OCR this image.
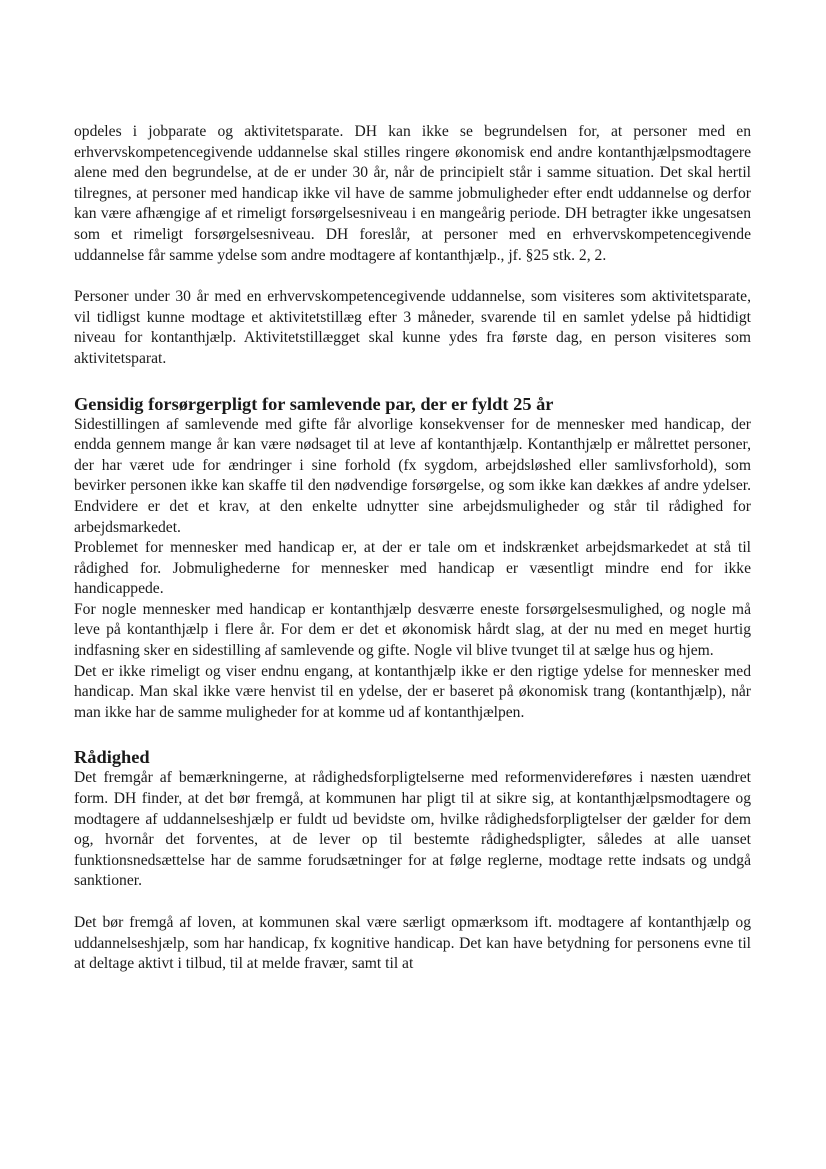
opdeles i jobparate og aktivitetsparate. DH kan ikke se begrundelsen for, at personer med en erhvervskompetencegivende uddannelse skal stilles ringere økonomisk end andre kontanthjælpsmodtagere alene med den begrundelse, at de er under 30 år, når de principielt står i samme situation. Det skal hertil tilregnes, at personer med handicap ikke vil have de samme jobmuligheder efter endt uddannelse og derfor kan være afhængige af et rimeligt forsørgelsesniveau i en mangeårig periode. DH betragter ikke ungesatsen som et rimeligt forsørgelsesniveau. DH foreslår, at personer med en erhvervskompetencegivende uddannelse får samme ydelse som andre modtagere af kontanthjælp., jf. §25 stk. 2, 2.

Personer under 30 år med en erhvervskompetencegivende uddannelse, som visiteres som aktivitetsparate, vil tidligst kunne modtage et aktivitetstillæg efter 3 måneder, svarende til en samlet ydelse på hidtidigt niveau for kontanthjælp. Aktivitetstillægget skal kunne ydes fra første dag, en person visiteres som aktivitetsparat.

Gensidig forsørgerpligt for samlevende par, der er fyldt 25 år

Sidestillingen af samlevende med gifte får alvorlige konsekvenser for de mennesker med handicap, der endda gennem mange år kan være nødsaget til at leve af kontanthjælp. Kontanthjælp er målrettet personer, der har været ude for ændringer i sine forhold (fx sygdom, arbejdsløshed eller samlivsforhold), som bevirker personen ikke kan skaffe til den nødvendige forsørgelse, og som ikke kan dækkes af andre ydelser. Endvidere er det et krav, at den enkelte udnytter sine arbejdsmuligheder og står til rådighed for arbejdsmarkedet.

Problemet for mennesker med handicap er, at der er tale om et indskrænket arbejdsmarkedet at stå til rådighed for. Jobmulighederne for mennesker med handicap er væsentligt mindre end for ikke handicappede.

For nogle mennesker med handicap er kontanthjælp desværre eneste forsørgelsesmulighed, og nogle må leve på kontanthjælp i flere år. For dem er det et økonomisk hårdt slag, at der nu med en meget hurtig indfasning sker en sidestilling af samlevende og gifte. Nogle vil blive tvunget til at sælge hus og hjem.

Det er ikke rimeligt og viser endnu engang, at kontanthjælp ikke er den rigtige ydelse for mennesker med handicap. Man skal ikke være henvist til en ydelse, der er baseret på økonomisk trang (kontanthjælp), når man ikke har de samme muligheder for at komme ud af kontanthjælpen.

Rådighed

Det fremgår af bemærkningerne, at rådighedsforpligtelserne med reformenvidereføres i næsten uændret form. DH finder, at det bør fremgå, at kommunen har pligt til at sikre sig, at kontanthjælpsmodtagere og modtagere af uddannelseshjælp er fuldt ud bevidste om, hvilke rådighedsforpligtelser der gælder for dem og, hvornår det forventes, at de lever op til bestemte rådighedspligter, således at alle uanset funktionsnedsættelse har de samme forudsætninger for at følge reglerne, modtage rette indsats og undgå sanktioner.

Det bør fremgå af loven, at kommunen skal være særligt opmærksom ift. modtagere af kontanthjælp og uddannelseshjælp, som har handicap, fx kognitive handicap. Det kan have betydning for personens evne til at deltage aktivt i tilbud, til at melde fravær, samt til at
